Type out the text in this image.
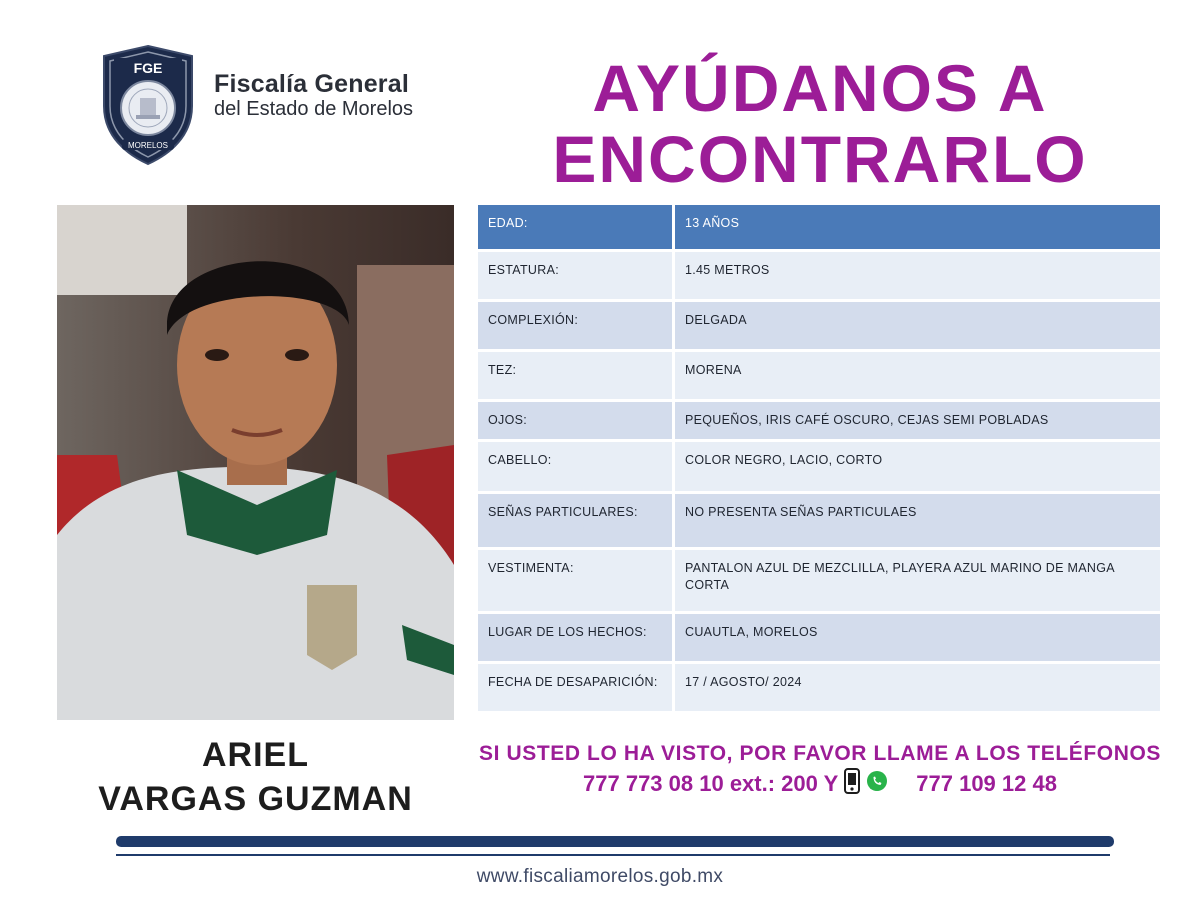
FGE
MORELOS
Fiscalía General
del Estado de Morelos	AYÚDANOS A
ENCONTRARLO
EDAD:	13 AÑOS
ESTATURA:	1.45 METROS
COMPLEXIÓN:	DELGADA
TEZ:	MORENA
OJOS:	PEQUEÑOS, IRIS CAFÉ OSCURO, CEJAS SEMI POBLADAS
CABELLO:	COLOR NEGRO, LACIO, CORTO
SEÑAS PARTICULARES:	NO PRESENTA SEÑAS PARTICULAES
VESTIMENTA:	PANTALON AZUL DE MEZCLILLA, PLAYERA AZUL MARINO DE MANGA CORTA
LUGAR DE LOS HECHOS:	CUAUTLA, MORELOS
FECHA DE DESAPARICIÓN:	17 / AGOSTO/ 2024
ARIEL
VARGAS GUZMAN
SI USTED LO HA VISTO, POR FAVOR LLAME A LOS TELÉFONOS
777 773 08 10 ext.: 200 Y	777 109 12 48
www.fiscaliamorelos.gob.mx
